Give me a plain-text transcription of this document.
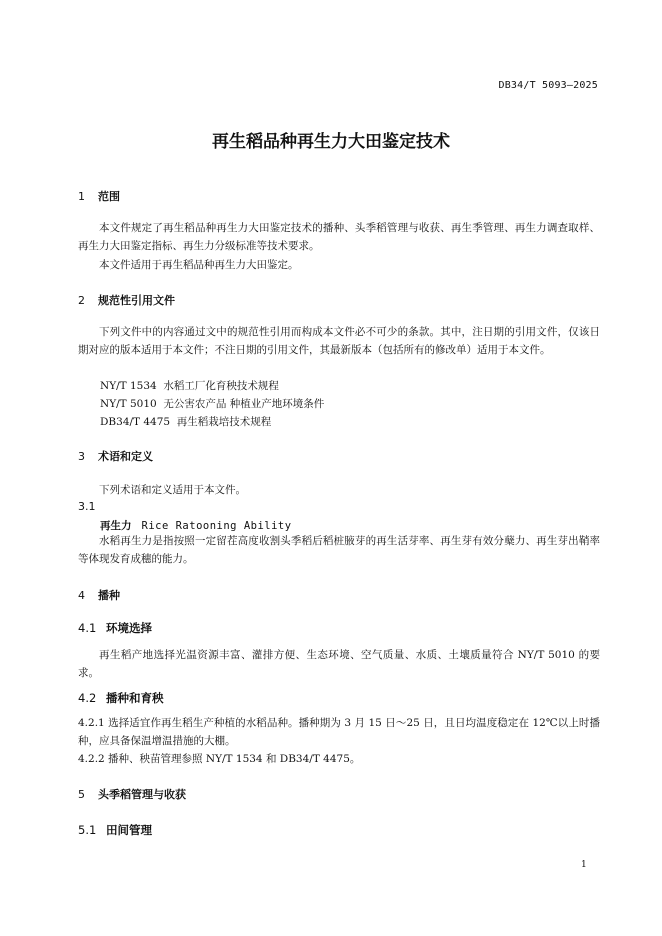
DB34/T 5093—2025
再生稻品种再生力大田鉴定技术
1 范围
本文件规定了再生稻品种再生力大田鉴定技术的播种、头季稻管理与收获、再生季管理、再生力调查取样、再生力大田鉴定指标、再生力分级标准等技术要求。
本文件适用于再生稻品种再生力大田鉴定。
2 规范性引用文件
下列文件中的内容通过文中的规范性引用而构成本文件必不可少的条款。其中，注日期的引用文件，仅该日期对应的版本适用于本文件；不注日期的引用文件，其最新版本（包括所有的修改单）适用于本文件。
NY/T 1534  水稻工厂化育秧技术规程
NY/T 5010  无公害农产品 种植业产地环境条件
DB34/T 4475  再生稻栽培技术规程
3 术语和定义
下列术语和定义适用于本文件。
3.1
再生力 Rice Ratooning Ability
水稻再生力是指按照一定留茬高度收割头季稻后稻桩腋芽的再生活芽率、再生芽有效分蘖力、再生芽出鞘率等体现发育成穗的能力。
4 播种
4.1 环境选择
再生稻产地选择光温资源丰富、灌排方便、生态环境、空气质量、水质、土壤质量符合 NY/T 5010 的要求。
4.2 播种和育秧
4.2.1 选择适宜作再生稻生产种植的水稻品种。播种期为 3 月 15 日～25 日，且日均温度稳定在 12℃以上时播种，应具备保温增温措施的大棚。
4.2.2 播种、秧苗管理参照 NY/T 1534 和 DB34/T 4475。
5 头季稻管理与收获
5.1 田间管理
1
